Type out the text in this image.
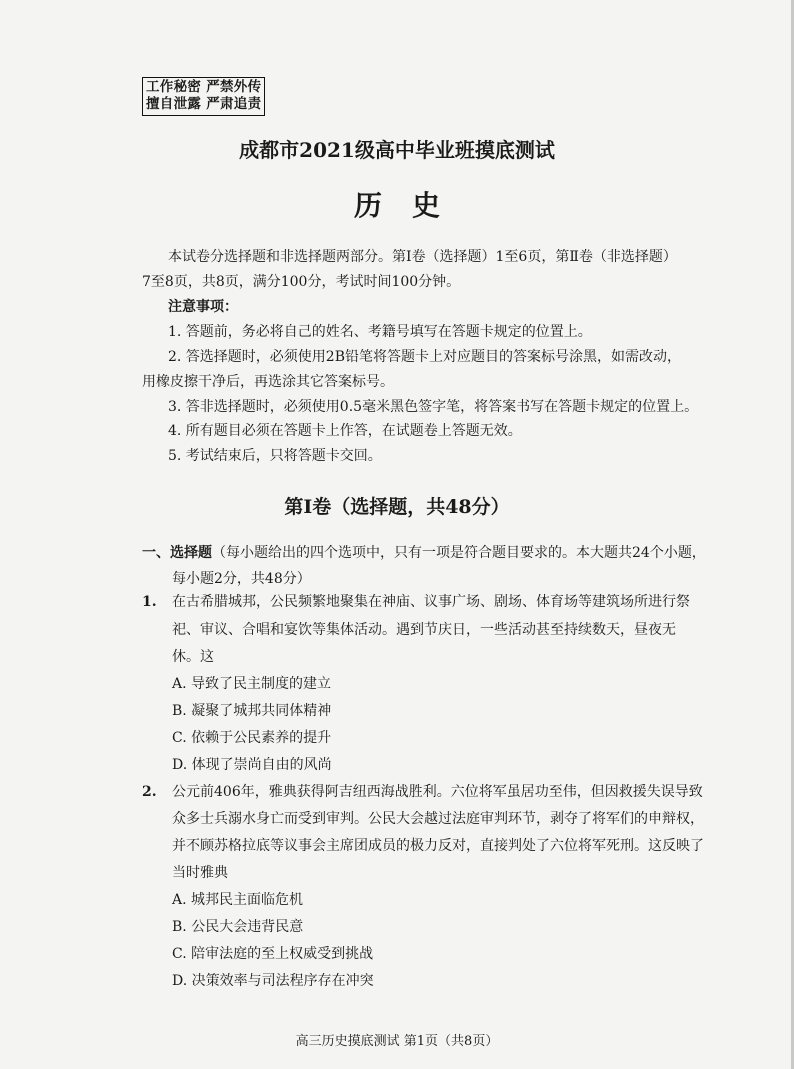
工作秘密 严禁外传
擅自泄露 严肃追责
成都市2021级高中毕业班摸底测试
历史
本试卷分选择题和非选择题两部分。第Ⅰ卷（选择题）1至6页，第Ⅱ卷（非选择题）
7至8页，共8页，满分100分，考试时间100分钟。
注意事项：
1. 答题前，务必将自己的姓名、考籍号填写在答题卡规定的位置上。
2. 答选择题时，必须使用2B铅笔将答题卡上对应题目的答案标号涂黑，如需改动，
用橡皮擦干净后，再选涂其它答案标号。
3. 答非选择题时，必须使用0.5毫米黑色签字笔，将答案书写在答题卡规定的位置上。
4. 所有题目必须在答题卡上作答，在试题卷上答题无效。
5. 考试结束后，只将答题卡交回。
第Ⅰ卷（选择题，共48分）
一、选择题（每小题给出的四个选项中，只有一项是符合题目要求的。本大题共24个小题，
每小题2分，共48分）
1. 在古希腊城邦，公民频繁地聚集在神庙、议事广场、剧场、体育场等建筑场所进行祭
祀、审议、合唱和宴饮等集体活动。遇到节庆日，一些活动甚至持续数天，昼夜无
休。这
A. 导致了民主制度的建立
B. 凝聚了城邦共同体精神
C. 依赖于公民素养的提升
D. 体现了崇尚自由的风尚
2. 公元前406年，雅典获得阿吉纽西海战胜利。六位将军虽居功至伟，但因救援失误导致
众多士兵溺水身亡而受到审判。公民大会越过法庭审判环节，剥夺了将军们的申辩权，
并不顾苏格拉底等议事会主席团成员的极力反对，直接判处了六位将军死刑。这反映了
当时雅典
A. 城邦民主面临危机
B. 公民大会违背民意
C. 陪审法庭的至上权威受到挑战
D. 决策效率与司法程序存在冲突
高三历史摸底测试 第1页（共8页）
